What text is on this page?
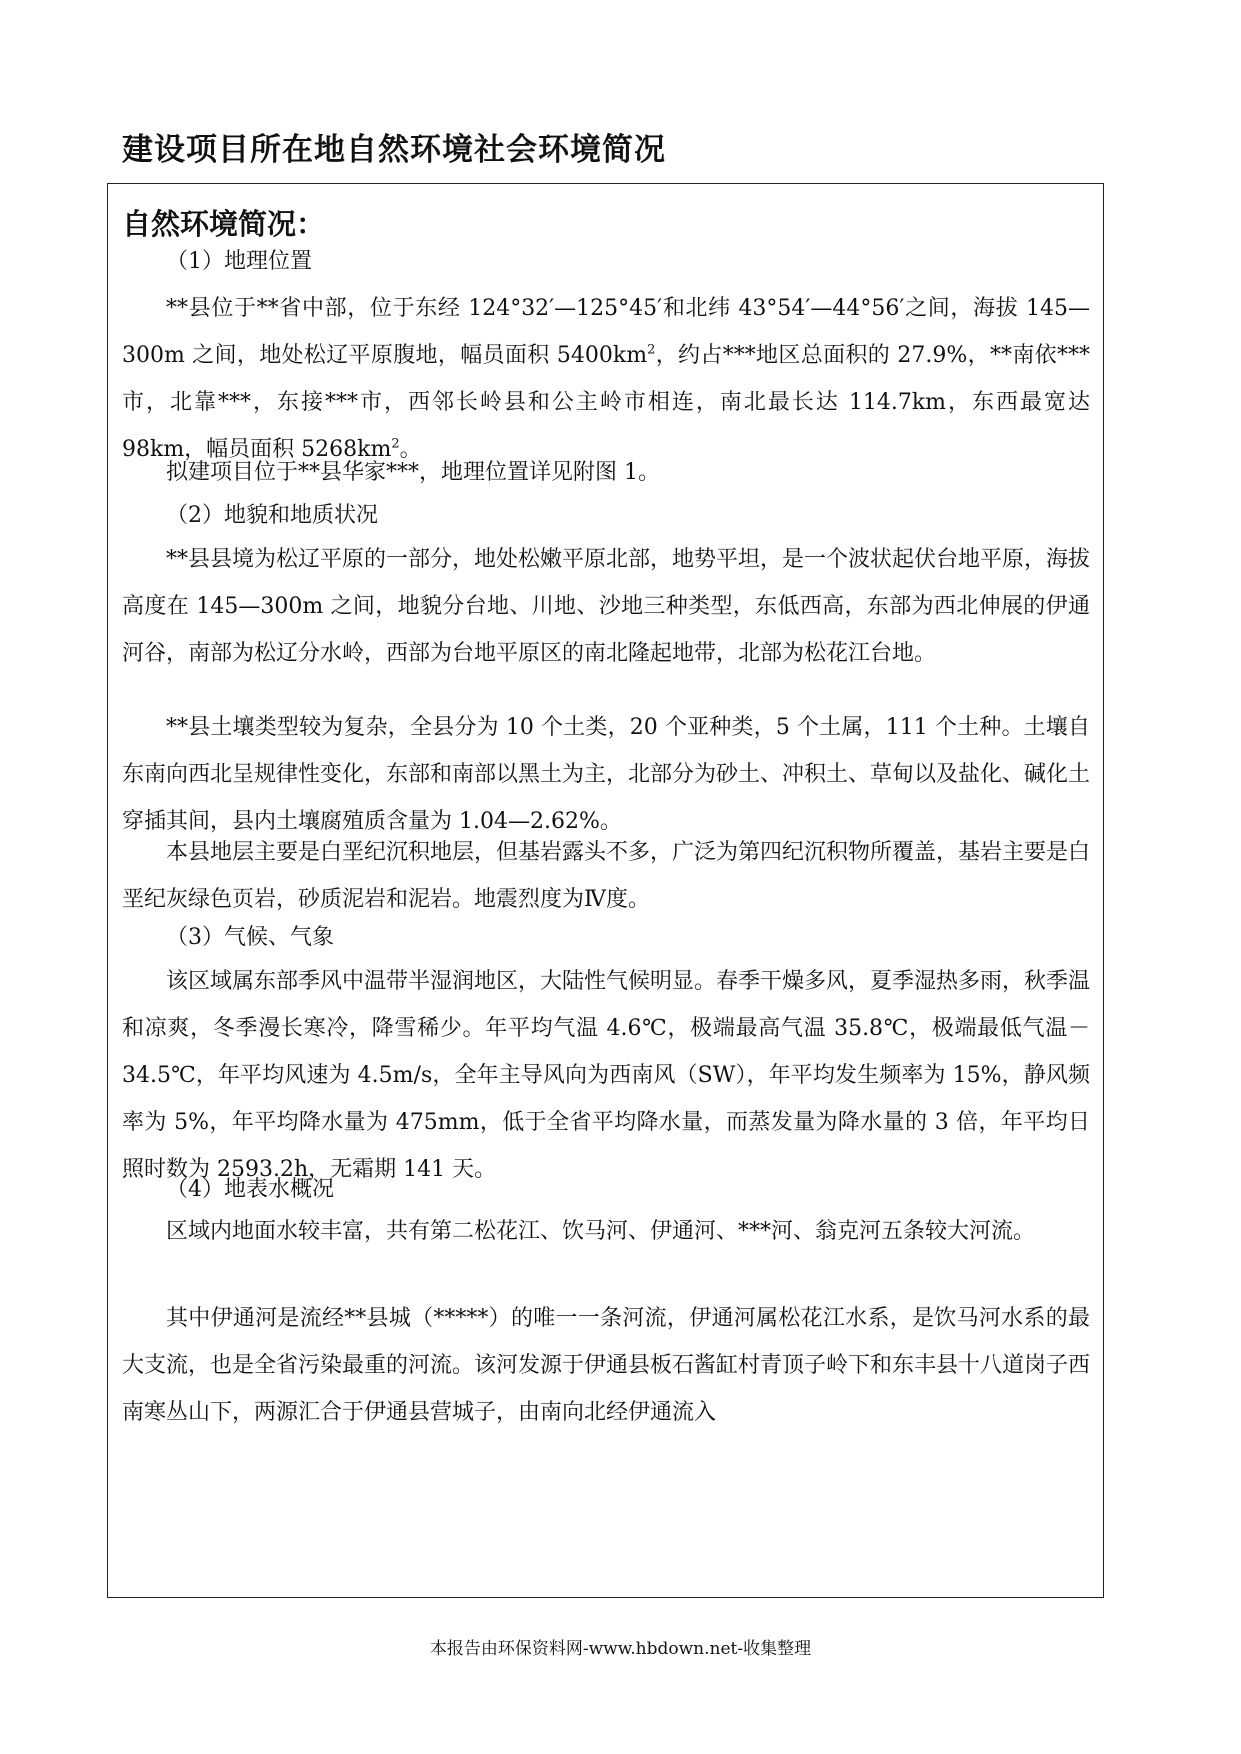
建设项目所在地自然环境社会环境简况
自然环境简况：
（1）地理位置
**县位于**省中部，位于东经 124°32′—125°45′和北纬 43°54′—44°56′之间，海拔 145—300m 之间，地处松辽平原腹地，幅员面积 $5400km^2$，约占***地区总面积的 27.9%，**南依***市，北靠***，东接***市，西邻长岭县和公主岭市相连，南北最长达 114.7km，东西最宽达 98km，幅员面积 $5268km^2$。
拟建项目位于**县华家***，地理位置详见附图 1。
（2）地貌和地质状况
**县县境为松辽平原的一部分，地处松嫩平原北部，地势平坦，是一个波状起伏台地平原，海拔高度在 145—300m 之间，地貌分台地、川地、沙地三种类型，东低西高，东部为西北伸展的伊通河谷，南部为松辽分水岭，西部为台地平原区的南北隆起地带，北部为松花江台地。
**县土壤类型较为复杂，全县分为 10 个土类，20 个亚种类，5 个土属，111 个土种。土壤自东南向西北呈规律性变化，东部和南部以黑土为主，北部分为砂土、冲积土、草甸以及盐化、碱化土穿插其间，县内土壤腐殖质含量为 1.04—2.62%。
本县地层主要是白垩纪沉积地层，但基岩露头不多，广泛为第四纪沉积物所覆盖，基岩主要是白垩纪灰绿色页岩，砂质泥岩和泥岩。地震烈度为Ⅳ度。
（3）气候、气象
该区域属东部季风中温带半湿润地区，大陆性气候明显。春季干燥多风，夏季湿热多雨，秋季温和凉爽，冬季漫长寒冷，降雪稀少。年平均气温 4.6℃，极端最高气温 35.8℃，极端最低气温－34.5℃，年平均风速为 4.5m/s，全年主导风向为西南风（SW），年平均发生频率为 15%，静风频率为 5%，年平均降水量为 475mm，低于全省平均降水量，而蒸发量为降水量的 3 倍，年平均日照时数为 2593.2h，无霜期 141 天。
（4）地表水概况
区域内地面水较丰富，共有第二松花江、饮马河、伊通河、***河、翁克河五条较大河流。
其中伊通河是流经**县城（*****）的唯一一条河流，伊通河属松花江水系，是饮马河水系的最大支流，也是全省污染最重的河流。该河发源于伊通县板石酱缸村青顶子岭下和东丰县十八道岗子西南寒丛山下，两源汇合于伊通县营城子，由南向北经伊通流入
本报告由环保资料网-www.hbdown.net-收集整理
